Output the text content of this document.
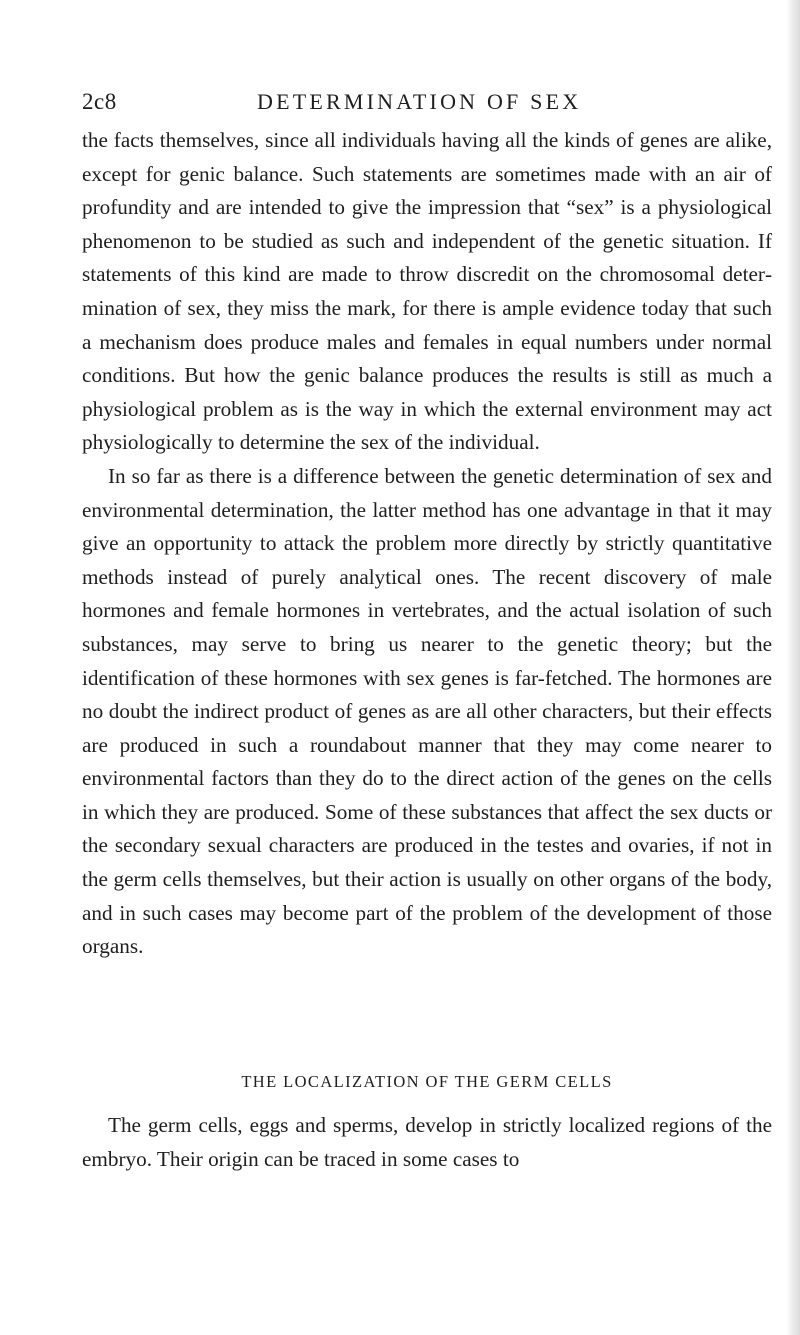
2c8	DETERMINATION OF SEX

the facts themselves, since all individuals having all the kinds of genes are alike, except for genic balance. Such statements are sometimes made with an air of profundity and are intended to give the impression that “sex” is a physiological phenomenon to be studied as such and independent of the genetic situation. If statements of this kind are made to throw discredit on the chromosomal determination of sex, they miss the mark, for there is ample evidence today that such a mechanism does produce males and females in equal numbers under normal conditions. But how the genic balance produces the results is still as much a physiological problem as is the way in which the external environment may act physiologically to determine the sex of the individual.

In so far as there is a difference between the genetic determination of sex and environmental determination, the latter method has one advantage in that it may give an opportunity to attack the problem more directly by strictly quantitative methods instead of purely analytical ones. The recent discovery of male hormones and female hormones in vertebrates, and the actual isolation of such substances, may serve to bring us nearer to the genetic theory; but the identification of these hormones with sex genes is far-fetched. The hormones are no doubt the indirect product of genes as are all other characters, but their effects are produced in such a roundabout manner that they may come nearer to environmental factors than they do to the direct action of the genes on the cells in which they are produced. Some of these substances that affect the sex ducts or the secondary sexual characters are produced in the testes and ovaries, if not in the germ cells themselves, but their action is usually on other organs of the body, and in such cases may become part of the problem of the development of those organs.

THE LOCALIZATION OF THE GERM CELLS

The germ cells, eggs and sperms, develop in strictly localized regions of the embryo. Their origin can be traced in some cases to
